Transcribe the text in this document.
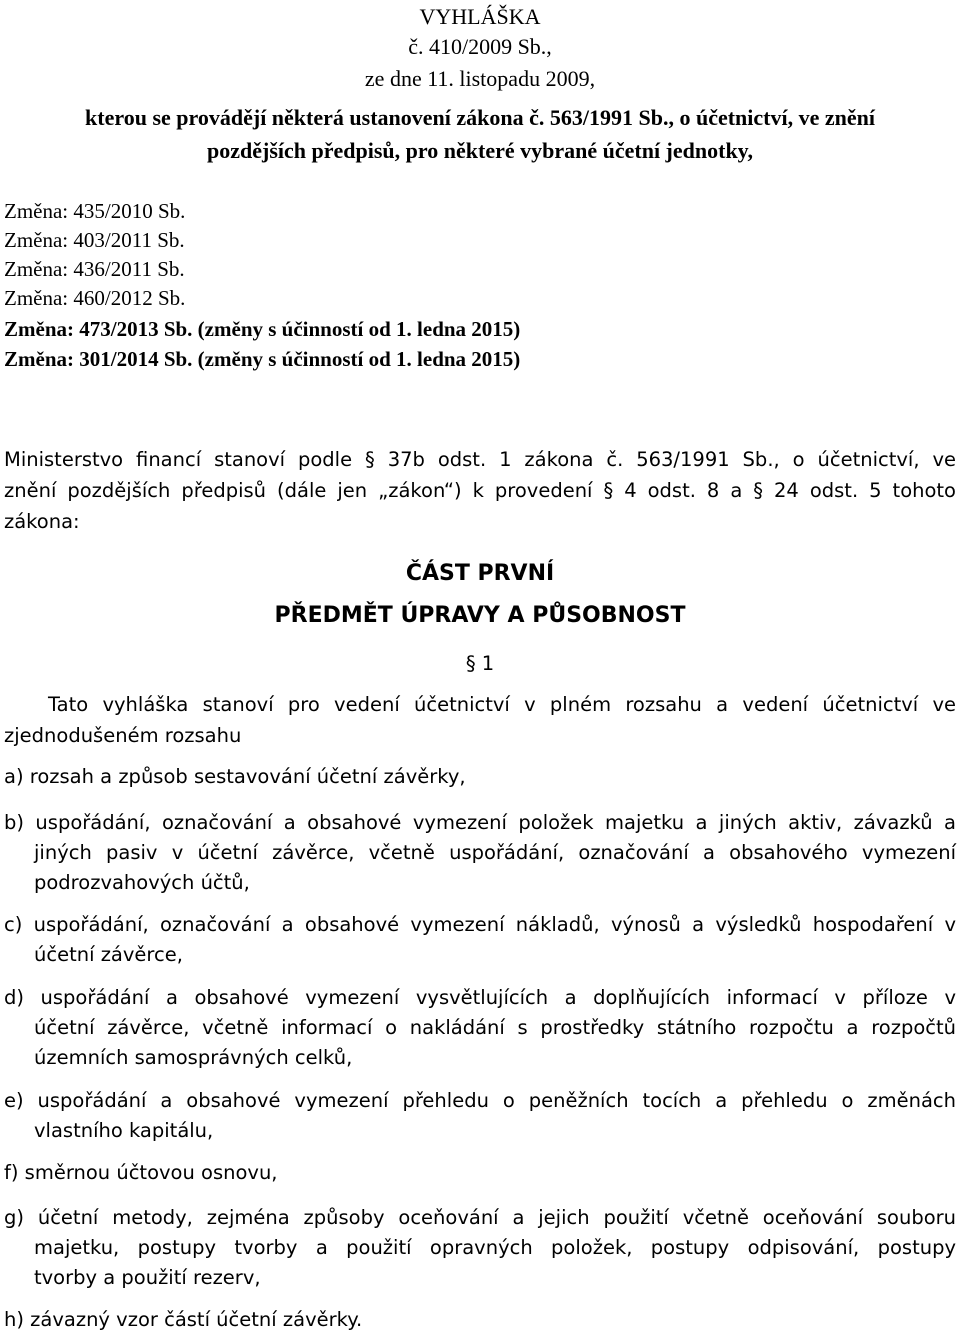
VYHLÁŠKA
č. 410/2009 Sb.,
ze dne 11. listopadu 2009,
kterou se provádějí některá ustanovení zákona č. 563/1991 Sb., o účetnictví, ve znění
pozdějších předpisů, pro některé vybrané účetní jednotky,
Změna: 435/2010 Sb.
Změna: 403/2011 Sb.
Změna: 436/2011 Sb.
Změna: 460/2012 Sb.
Změna: 473/2013 Sb. (změny s účinností od 1. ledna 2015)
Změna: 301/2014 Sb. (změny s účinností od 1. ledna 2015)
Ministerstvo financí stanoví podle § 37b odst. 1 zákona č. 563/1991 Sb., o účetnictví, ve
znění pozdějších předpisů (dále jen „zákon“) k provedení § 4 odst. 8 a § 24 odst. 5 tohoto
zákona:
ČÁST PRVNÍ
PŘEDMĚT ÚPRAVY A PŮSOBNOST
§ 1
Tato vyhláška stanoví pro vedení účetnictví v plném rozsahu a vedení účetnictví ve
zjednodušeném rozsahu
a) rozsah a způsob sestavování účetní závěrky,
b) uspořádání, označování a obsahové vymezení položek majetku a jiných aktiv, závazků a
jiných pasiv v účetní závěrce, včetně uspořádání, označování a obsahového vymezení
podrozvahových účtů,
c) uspořádání, označování a obsahové vymezení nákladů, výnosů a výsledků hospodaření v
účetní závěrce,
d) uspořádání a obsahové vymezení vysvětlujících a doplňujících informací v příloze v
účetní závěrce, včetně informací o nakládání s prostředky státního rozpočtu a rozpočtů
územních samosprávných celků,
e) uspořádání a obsahové vymezení přehledu o peněžních tocích a přehledu o změnách
vlastního kapitálu,
f) směrnou účtovou osnovu,
g) účetní metody, zejména způsoby oceňování a jejich použití včetně oceňování souboru
majetku, postupy tvorby a použití opravných položek, postupy odpisování, postupy
tvorby a použití rezerv,
h) závazný vzor částí účetní závěrky.
